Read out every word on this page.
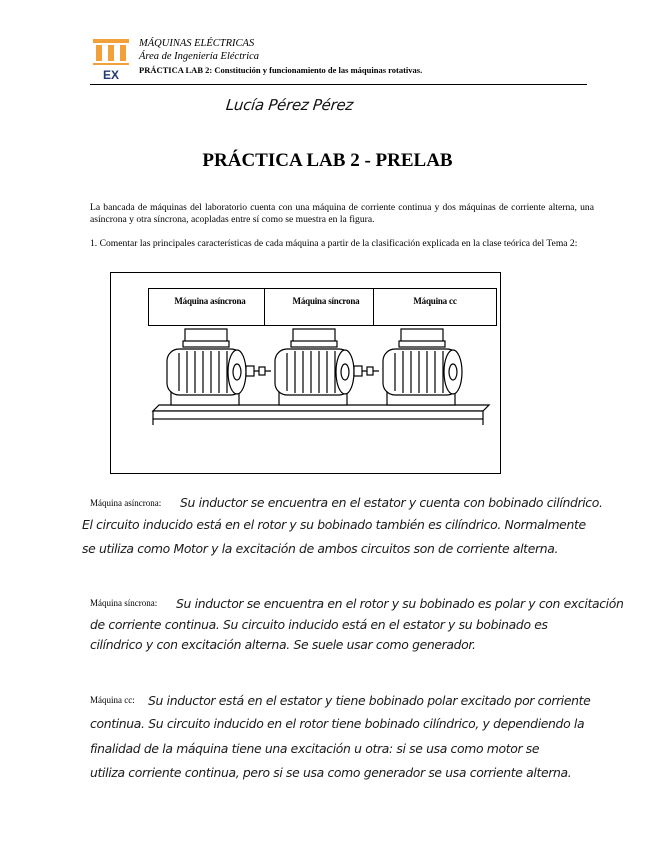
EX
MÁQUINAS ELÉCTRICAS
Área de Ingeniería Eléctrica
PRÁCTICA LAB 2: Constitución y funcionamiento de las máquinas rotativas.
Lucía Pérez Pérez
PRÁCTICA LAB 2 - PRELAB
La bancada de máquinas del laboratorio cuenta con una máquina de corriente continua y dos máquinas de corriente alterna, una asíncrona y otra síncrona, acopladas entre sí como se muestra en la figura.
1. Comentar las principales características de cada máquina a partir de la clasificación explicada en la clase teórica del Tema 2:
Máquina asíncrona	Máquina síncrona	Máquina cc
Máquina asíncrona: Su inductor se encuentra en el estator y cuenta con bobinado cilíndrico.
El circuito inducido está en el rotor y su bobinado también es cilíndrico. Normalmente
se utiliza como Motor y la excitación de ambos circuitos son de corriente alterna.
Máquina síncrona: Su inductor se encuentra en el rotor y su bobinado es polar y con excitación
de corriente continua. Su circuito inducido está en el estator y su bobinado es
cilíndrico y con excitación alterna. Se suele usar como generador.
Máquina cc: Su inductor está en el estator y tiene bobinado polar excitado por corriente
continua. Su circuito inducido en el rotor tiene bobinado cilíndrico, y dependiendo la
finalidad de la máquina tiene una excitación u otra: si se usa como motor se
utiliza corriente continua, pero si se usa como generador se usa corriente alterna.
